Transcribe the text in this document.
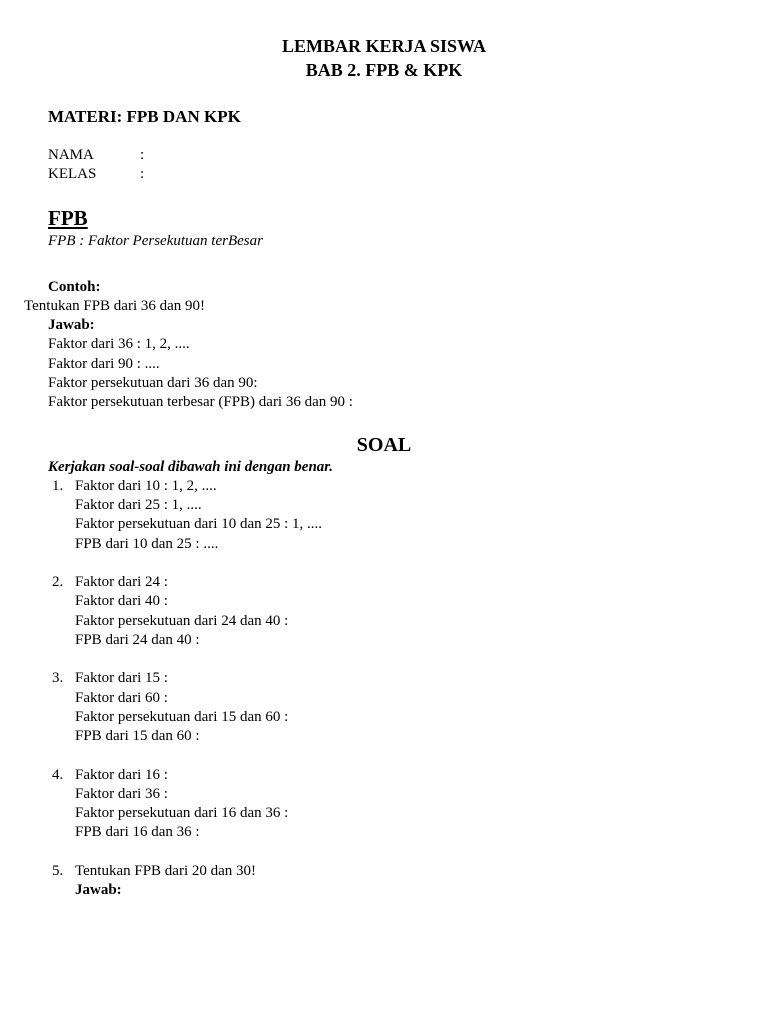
LEMBAR KERJA SISWA
BAB 2. FPB & KPK
MATERI: FPB DAN KPK
NAMA	:
KELAS	:
FPB
FPB : Faktor Persekutuan terBesar
Contoh:
Tentukan FPB dari 36 dan 90!
Jawab:
Faktor dari 36 : 1, 2, ....
Faktor dari 90 : ....
Faktor persekutuan dari 36 dan 90:
Faktor persekutuan terbesar (FPB) dari 36 dan 90 :
SOAL
Kerjakan soal-soal dibawah ini dengan benar.
1. Faktor dari 10 : 1, 2, ....
Faktor dari 25 : 1, ....
Faktor persekutuan dari 10 dan 25 : 1, ....
FPB dari 10 dan 25 : ....
2. Faktor dari 24 :
Faktor dari 40 :
Faktor persekutuan dari 24 dan 40 :
FPB dari 24 dan 40 :
3. Faktor dari 15 :
Faktor dari 60 :
Faktor persekutuan dari 15 dan 60 :
FPB dari 15 dan 60 :
4. Faktor dari 16 :
Faktor dari 36 :
Faktor persekutuan dari 16 dan 36 :
FPB dari 16 dan 36 :
5. Tentukan FPB dari 20 dan 30!
Jawab:
